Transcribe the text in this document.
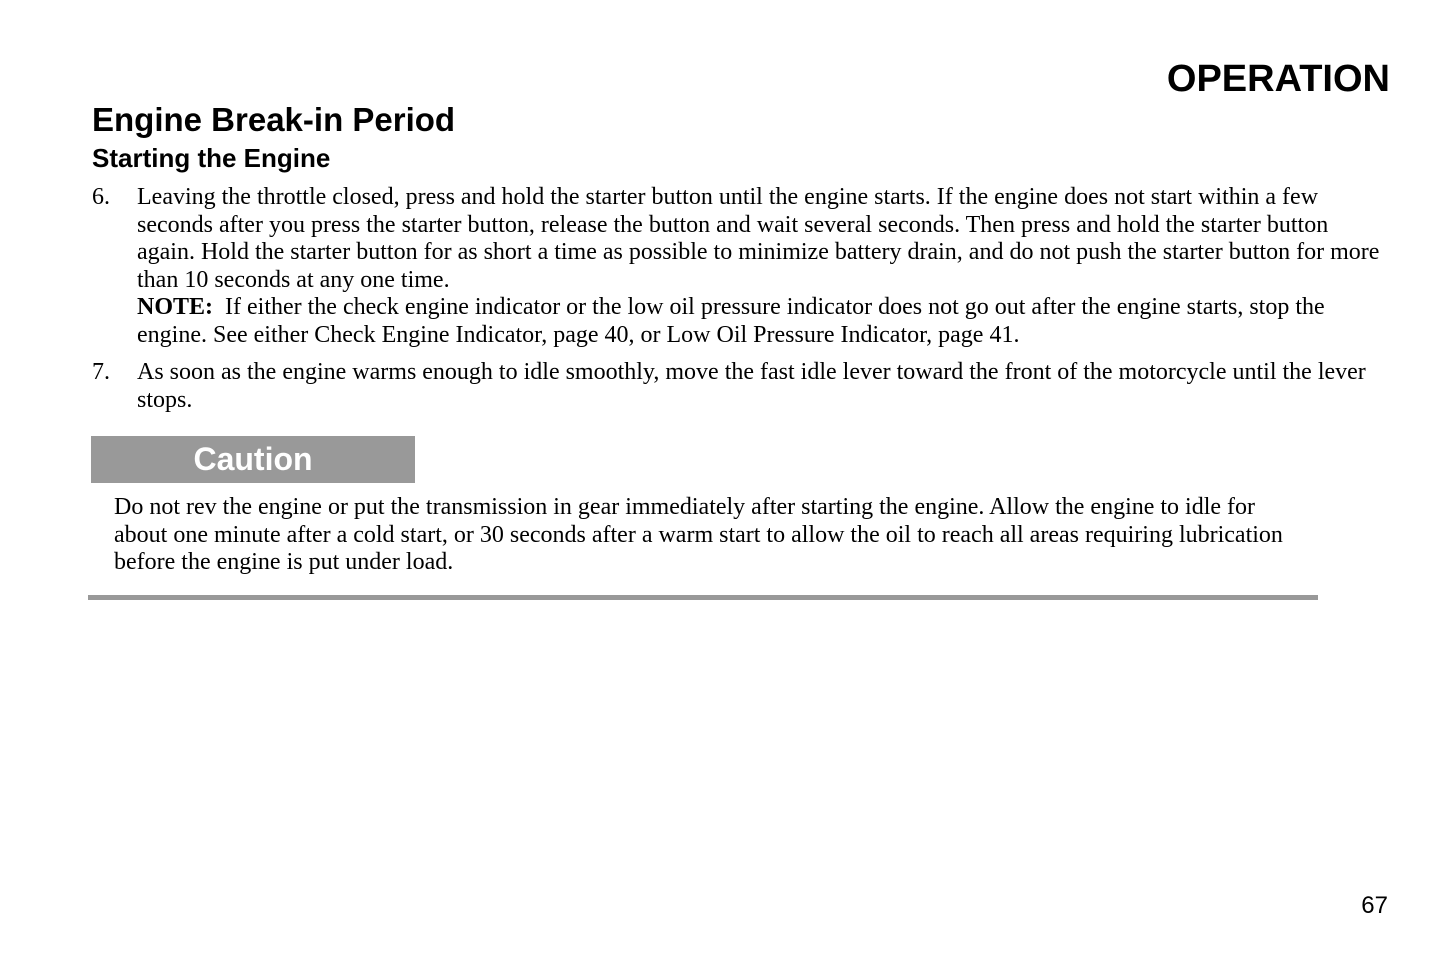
OPERATION
Engine Break-in Period
Starting the Engine
6. Leaving the throttle closed, press and hold the starter button until the engine starts. If the engine does not start within a few seconds after you press the starter button, release the button and wait several seconds. Then press and hold the starter button again. Hold the starter button for as short a time as possible to minimize battery drain, and do not push the starter button for more than 10 seconds at any one time.
NOTE: If either the check engine indicator or the low oil pressure indicator does not go out after the engine starts, stop the engine. See either Check Engine Indicator, page 40, or Low Oil Pressure Indicator, page 41.
7. As soon as the engine warms enough to idle smoothly, move the fast idle lever toward the front of the motorcycle until the lever stops.
Caution

Do not rev the engine or put the transmission in gear immediately after starting the engine. Allow the engine to idle for about one minute after a cold start, or 30 seconds after a warm start to allow the oil to reach all areas requiring lubrication before the engine is put under load.

67
